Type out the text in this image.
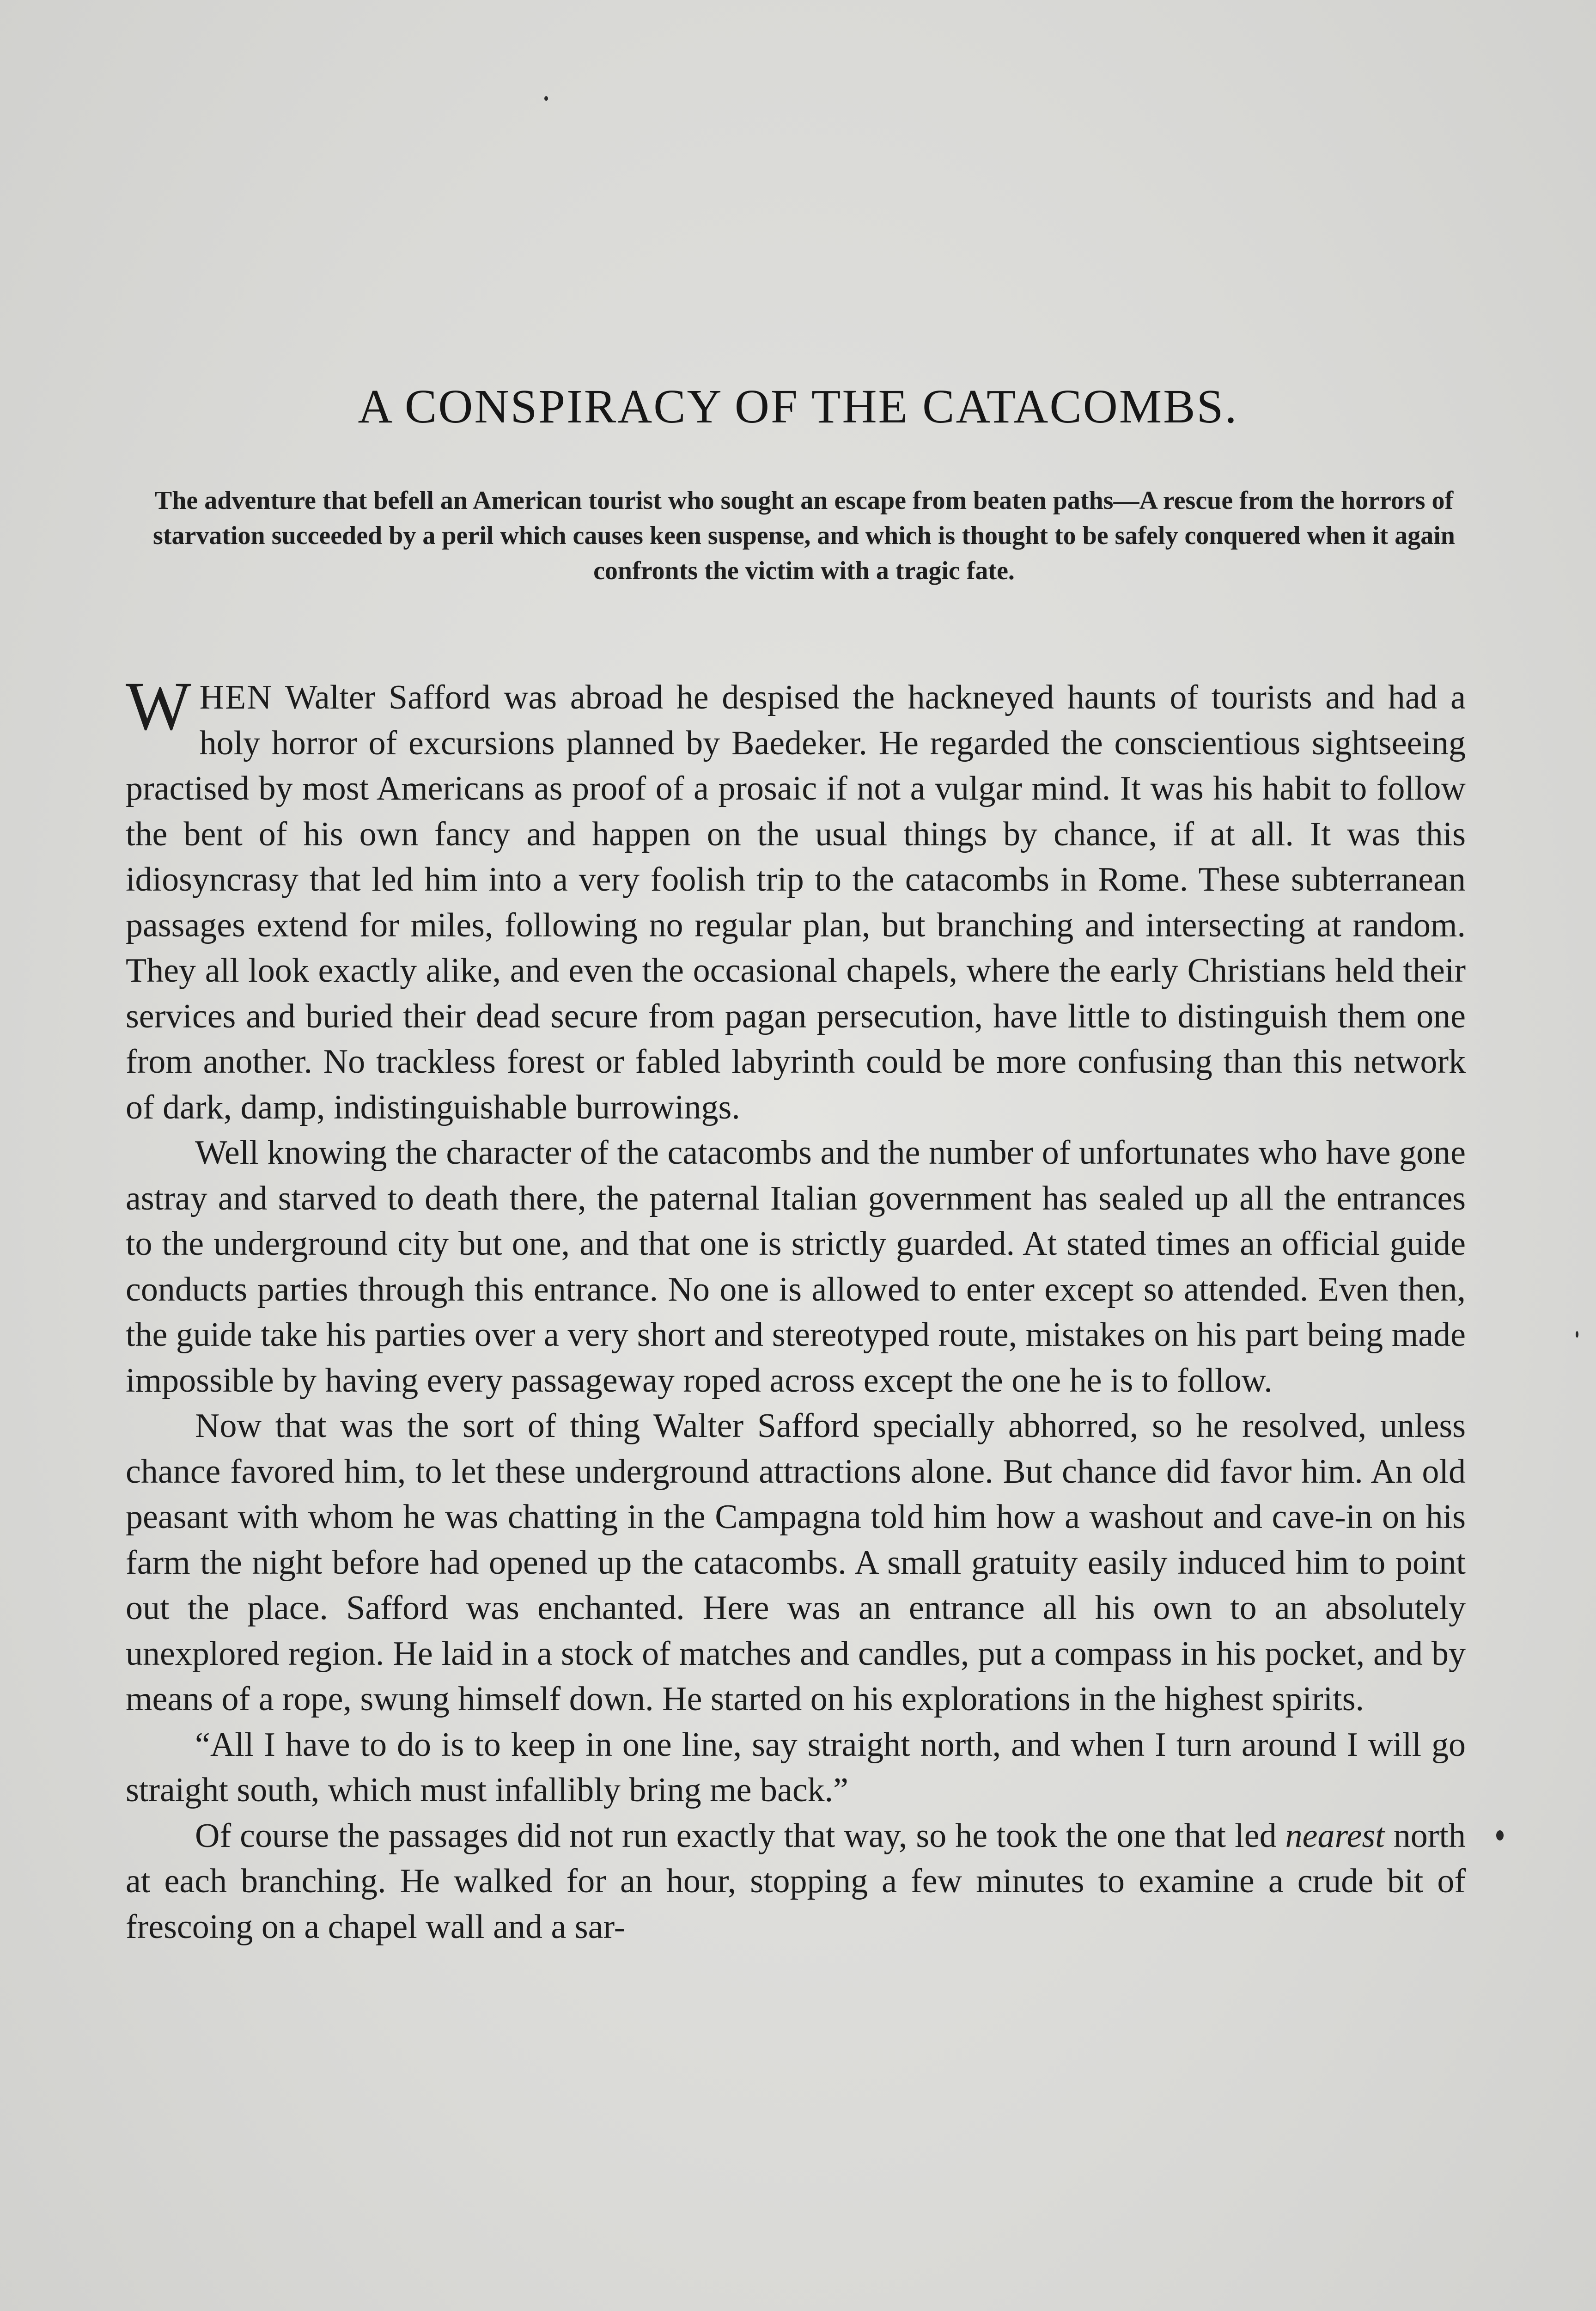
A CONSPIRACY OF THE CATACOMBS.

The adventure that befell an American tourist who sought an escape from beaten paths—A rescue from the horrors of starvation succeeded by a peril which causes keen suspense, and which is thought to be safely conquered when it again confronts the victim with a tragic fate.

WHEN Walter Safford was abroad he despised the hackneyed haunts of tourists and had a holy horror of excursions planned by Baedeker. He regarded the conscientious sightseeing practised by most Americans as proof of a prosaic if not a vulgar mind. It was his habit to follow the bent of his own fancy and happen on the usual things by chance, if at all. It was this idiosyncrasy that led him into a very foolish trip to the catacombs in Rome. These subterranean passages extend for miles, following no regular plan, but branching and intersecting at random. They all look exactly alike, and even the occasional chapels, where the early Christians held their services and buried their dead secure from pagan persecution, have little to distinguish them one from another. No trackless forest or fabled labyrinth could be more confusing than this network of dark, damp, indistinguishable burrowings.

Well knowing the character of the catacombs and the number of unfortunates who have gone astray and starved to death there, the paternal Italian government has sealed up all the entrances to the underground city but one, and that one is strictly guarded. At stated times an official guide conducts parties through this entrance. No one is allowed to enter except so attended. Even then, the guide take his parties over a very short and stereotyped route, mistakes on his part being made impossible by having every passageway roped across except the one he is to follow.

Now that was the sort of thing Walter Safford specially abhorred, so he resolved, unless chance favored him, to let these underground attractions alone. But chance did favor him. An old peasant with whom he was chatting in the Campagna told him how a washout and cave-in on his farm the night before had opened up the catacombs. A small gratuity easily induced him to point out the place. Safford was enchanted. Here was an entrance all his own to an absolutely unexplored region. He laid in a stock of matches and candles, put a compass in his pocket, and by means of a rope, swung himself down. He started on his explorations in the highest spirits.

“All I have to do is to keep in one line, say straight north, and when I turn around I will go straight south, which must infallibly bring me back.”

Of course the passages did not run exactly that way, so he took the one that led nearest north at each branching. He walked for an hour, stopping a few minutes to examine a crude bit of frescoing on a chapel wall and a sar-
